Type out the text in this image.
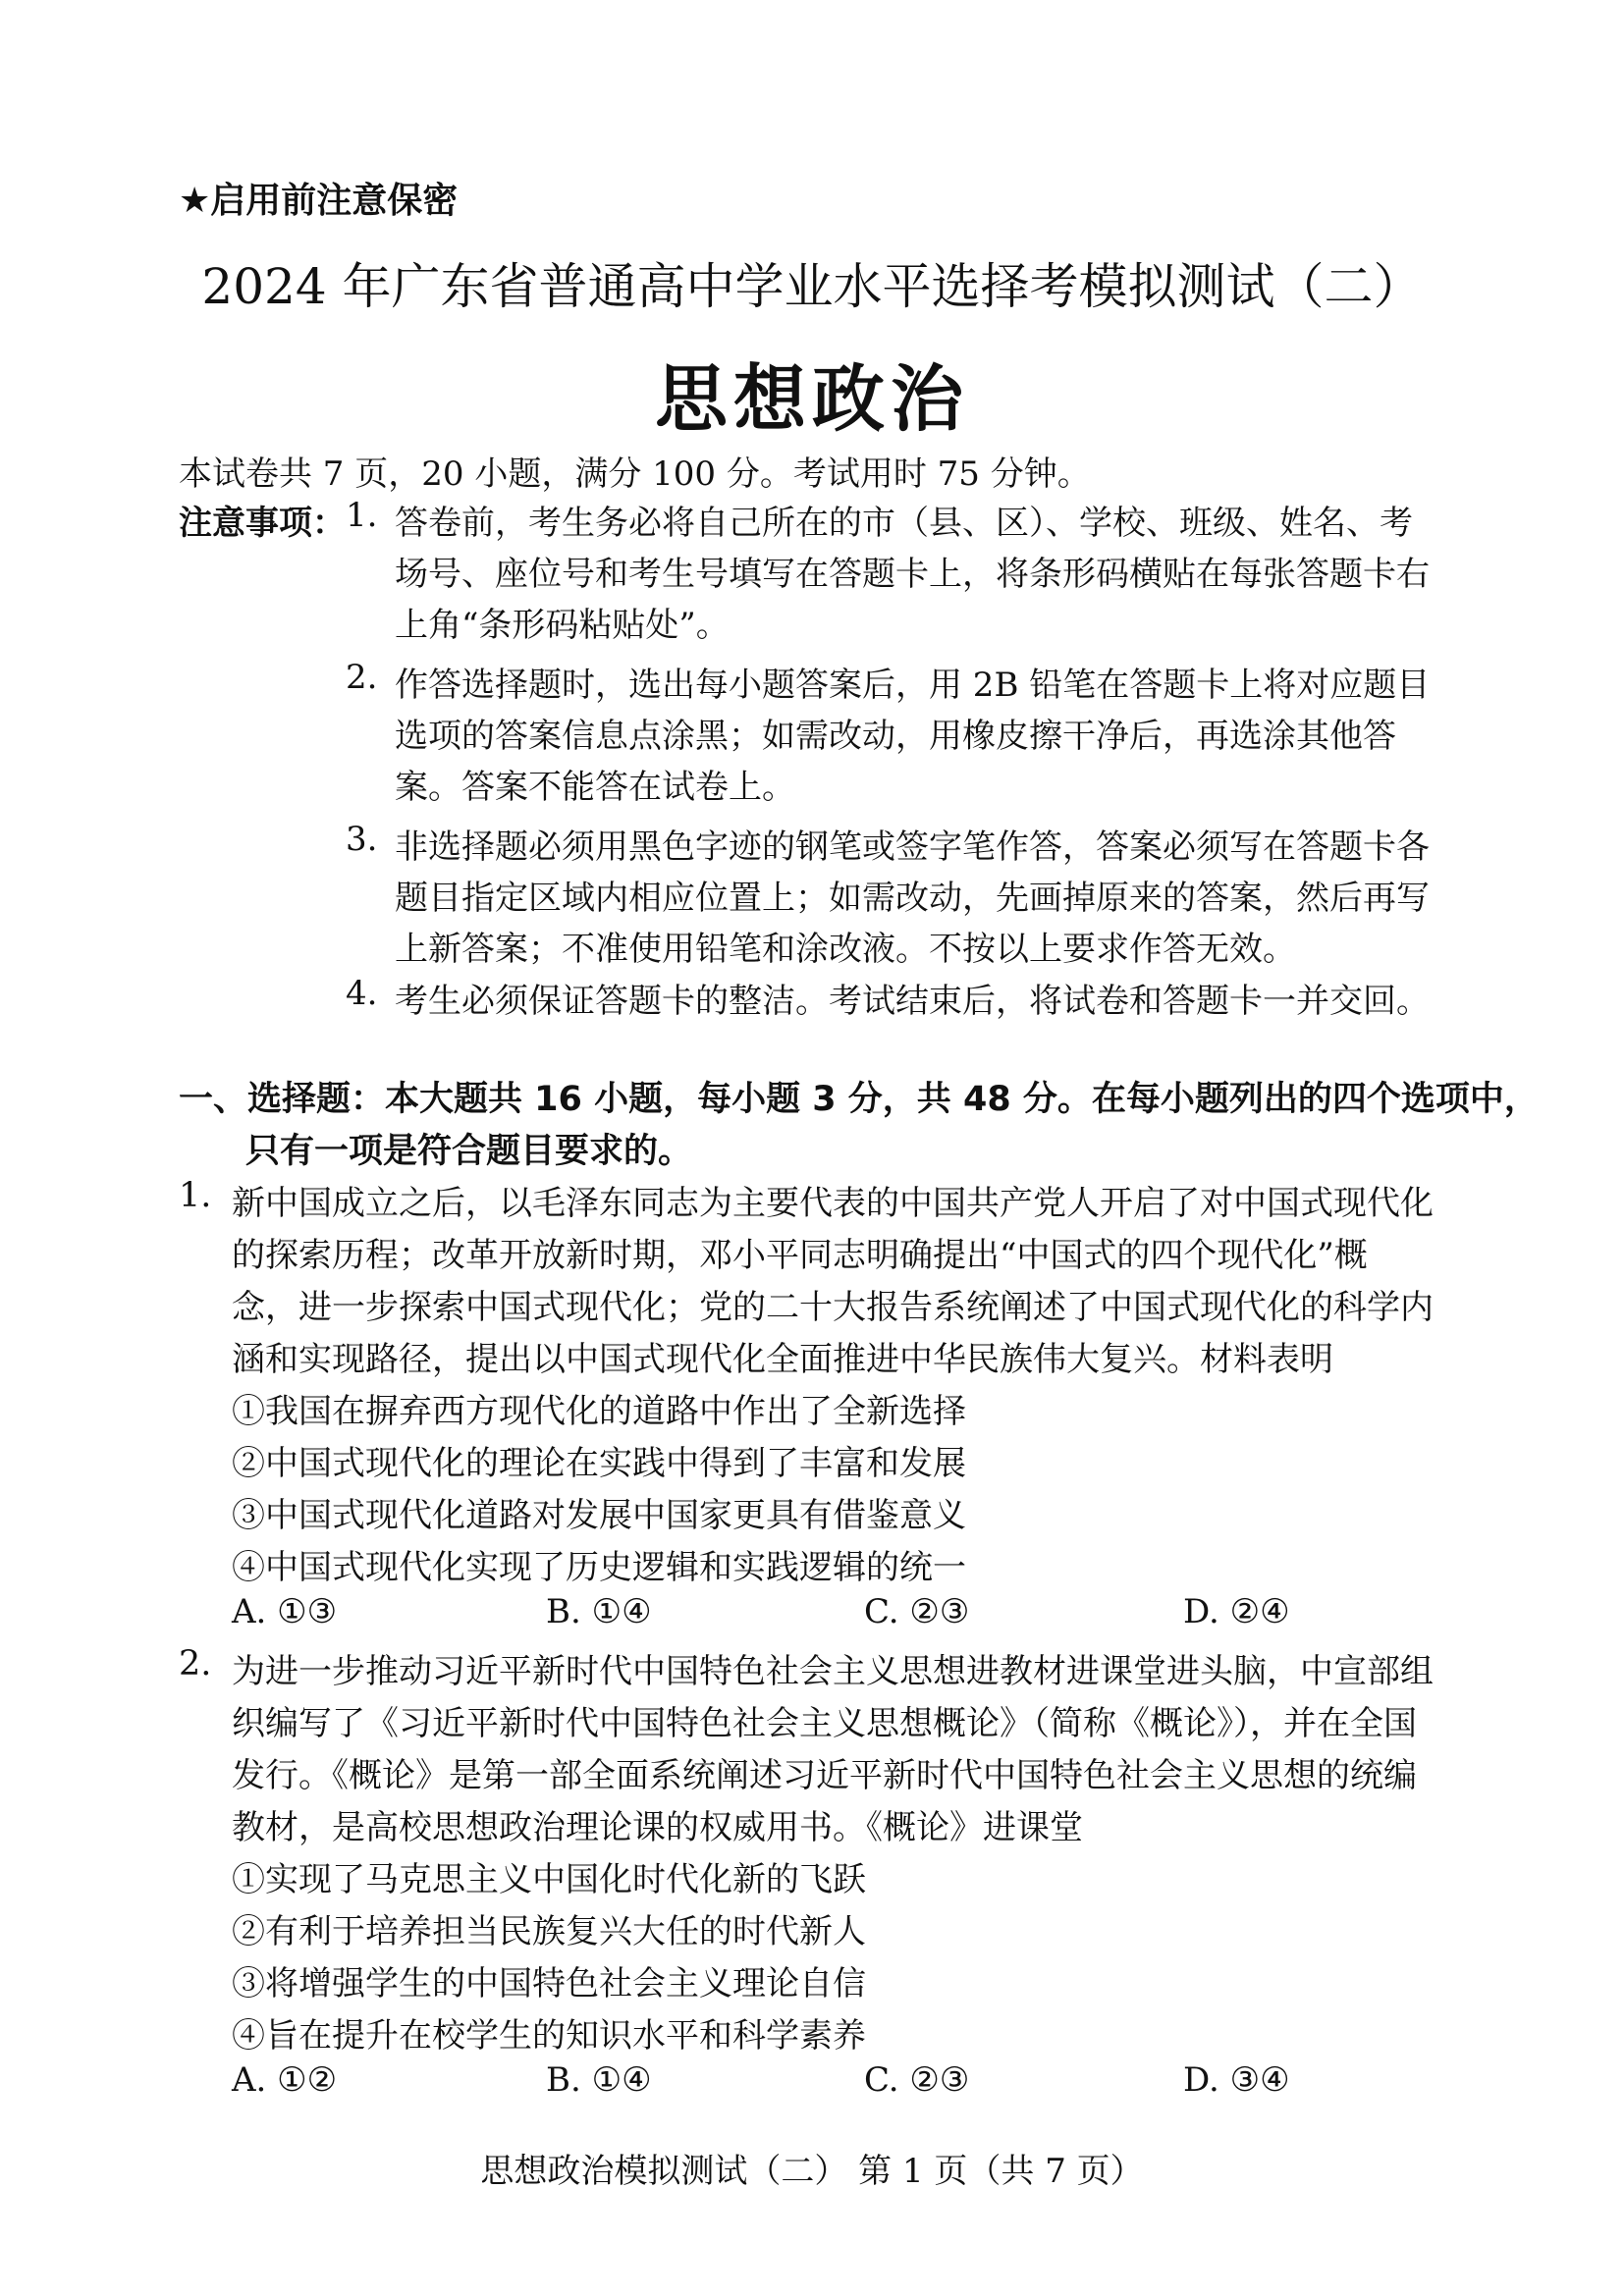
★启用前注意保密
2024 年广东省普通高中学业水平选择考模拟测试（二）
思想政治
本试卷共 7 页，20 小题，满分 100 分。考试用时 75 分钟。
注意事项： 1. 答卷前，考生务必将自己所在的市（县、区）、学校、班级、姓名、考
场号、座位号和考生号填写在答题卡上，将条形码横贴在每张答题卡右
上角“条形码粘贴处”。
2. 作答选择题时，选出每小题答案后，用 2B 铅笔在答题卡上将对应题目
选项的答案信息点涂黑；如需改动，用橡皮擦干净后，再选涂其他答
案。答案不能答在试卷上。
3. 非选择题必须用黑色字迹的钢笔或签字笔作答，答案必须写在答题卡各
题目指定区域内相应位置上；如需改动，先画掉原来的答案，然后再写
上新答案；不准使用铅笔和涂改液。不按以上要求作答无效。
4. 考生必须保证答题卡的整洁。考试结束后，将试卷和答题卡一并交回。
一、选择题：本大题共 16 小题，每小题 3 分，共 48 分。在每小题列出的四个选项中，
只有一项是符合题目要求的。
1. 新中国成立之后，以毛泽东同志为主要代表的中国共产党人开启了对中国式现代化
的探索历程；改革开放新时期，邓小平同志明确提出“中国式的四个现代化”概
念，进一步探索中国式现代化；党的二十大报告系统阐述了中国式现代化的科学内
涵和实现路径，提出以中国式现代化全面推进中华民族伟大复兴。材料表明
①我国在摒弃西方现代化的道路中作出了全新选择
②中国式现代化的理论在实践中得到了丰富和发展
③中国式现代化道路对发展中国家更具有借鉴意义
④中国式现代化实现了历史逻辑和实践逻辑的统一
A. ①③	B. ①④	C. ②③	D. ②④
2. 为进一步推动习近平新时代中国特色社会主义思想进教材进课堂进头脑，中宣部组
织编写了《习近平新时代中国特色社会主义思想概论》（简称《概论》），并在全国
发行。《概论》是第一部全面系统阐述习近平新时代中国特色社会主义思想的统编
教材，是高校思想政治理论课的权威用书。《概论》进课堂
①实现了马克思主义中国化时代化新的飞跃
②有利于培养担当民族复兴大任的时代新人
③将增强学生的中国特色社会主义理论自信
④旨在提升在校学生的知识水平和科学素养
A. ①②	B. ①④	C. ②③	D. ③④
思想政治模拟测试（二） 第 1 页（共 7 页）
